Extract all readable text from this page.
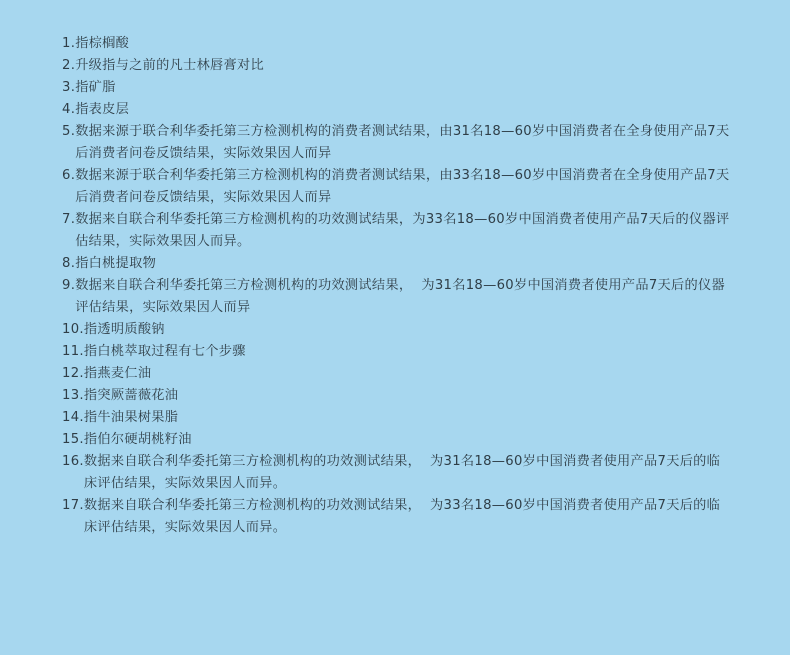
1. 指棕榈酸
2. 升级指与之前的凡士林唇膏对比
3. 指矿脂
4. 指表皮层
5. 数据来源于联合利华委托第三方检测机构的消费者测试结果，由31名18—60岁中国消费者在全身使用产品7天后消费者问卷反馈结果，实际效果因人而异
6. 数据来源于联合利华委托第三方检测机构的消费者测试结果，由33名18—60岁中国消费者在全身使用产品7天后消费者问卷反馈结果，实际效果因人而异
7. 数据来自联合利华委托第三方检测机构的功效测试结果，为33名18—60岁中国消费者使用产品7天后的仪器评估结果，实际效果因人而异。
8. 指白桃提取物
9. 数据来自联合利华委托第三方检测机构的功效测试结果，  为31名18—60岁中国消费者使用产品7天后的仪器评估结果，实际效果因人而异
10. 指透明质酸钠
11. 指白桃萃取过程有七个步骤
12. 指燕麦仁油
13. 指突厥蔷薇花油
14. 指牛油果树果脂
15. 指伯尔硬胡桃籽油
16. 数据来自联合利华委托第三方检测机构的功效测试结果，  为31名18—60岁中国消费者使用产品7天后的临床评估结果，实际效果因人而异。
17. 数据来自联合利华委托第三方检测机构的功效测试结果，  为33名18—60岁中国消费者使用产品7天后的临床评估结果，实际效果因人而异。
